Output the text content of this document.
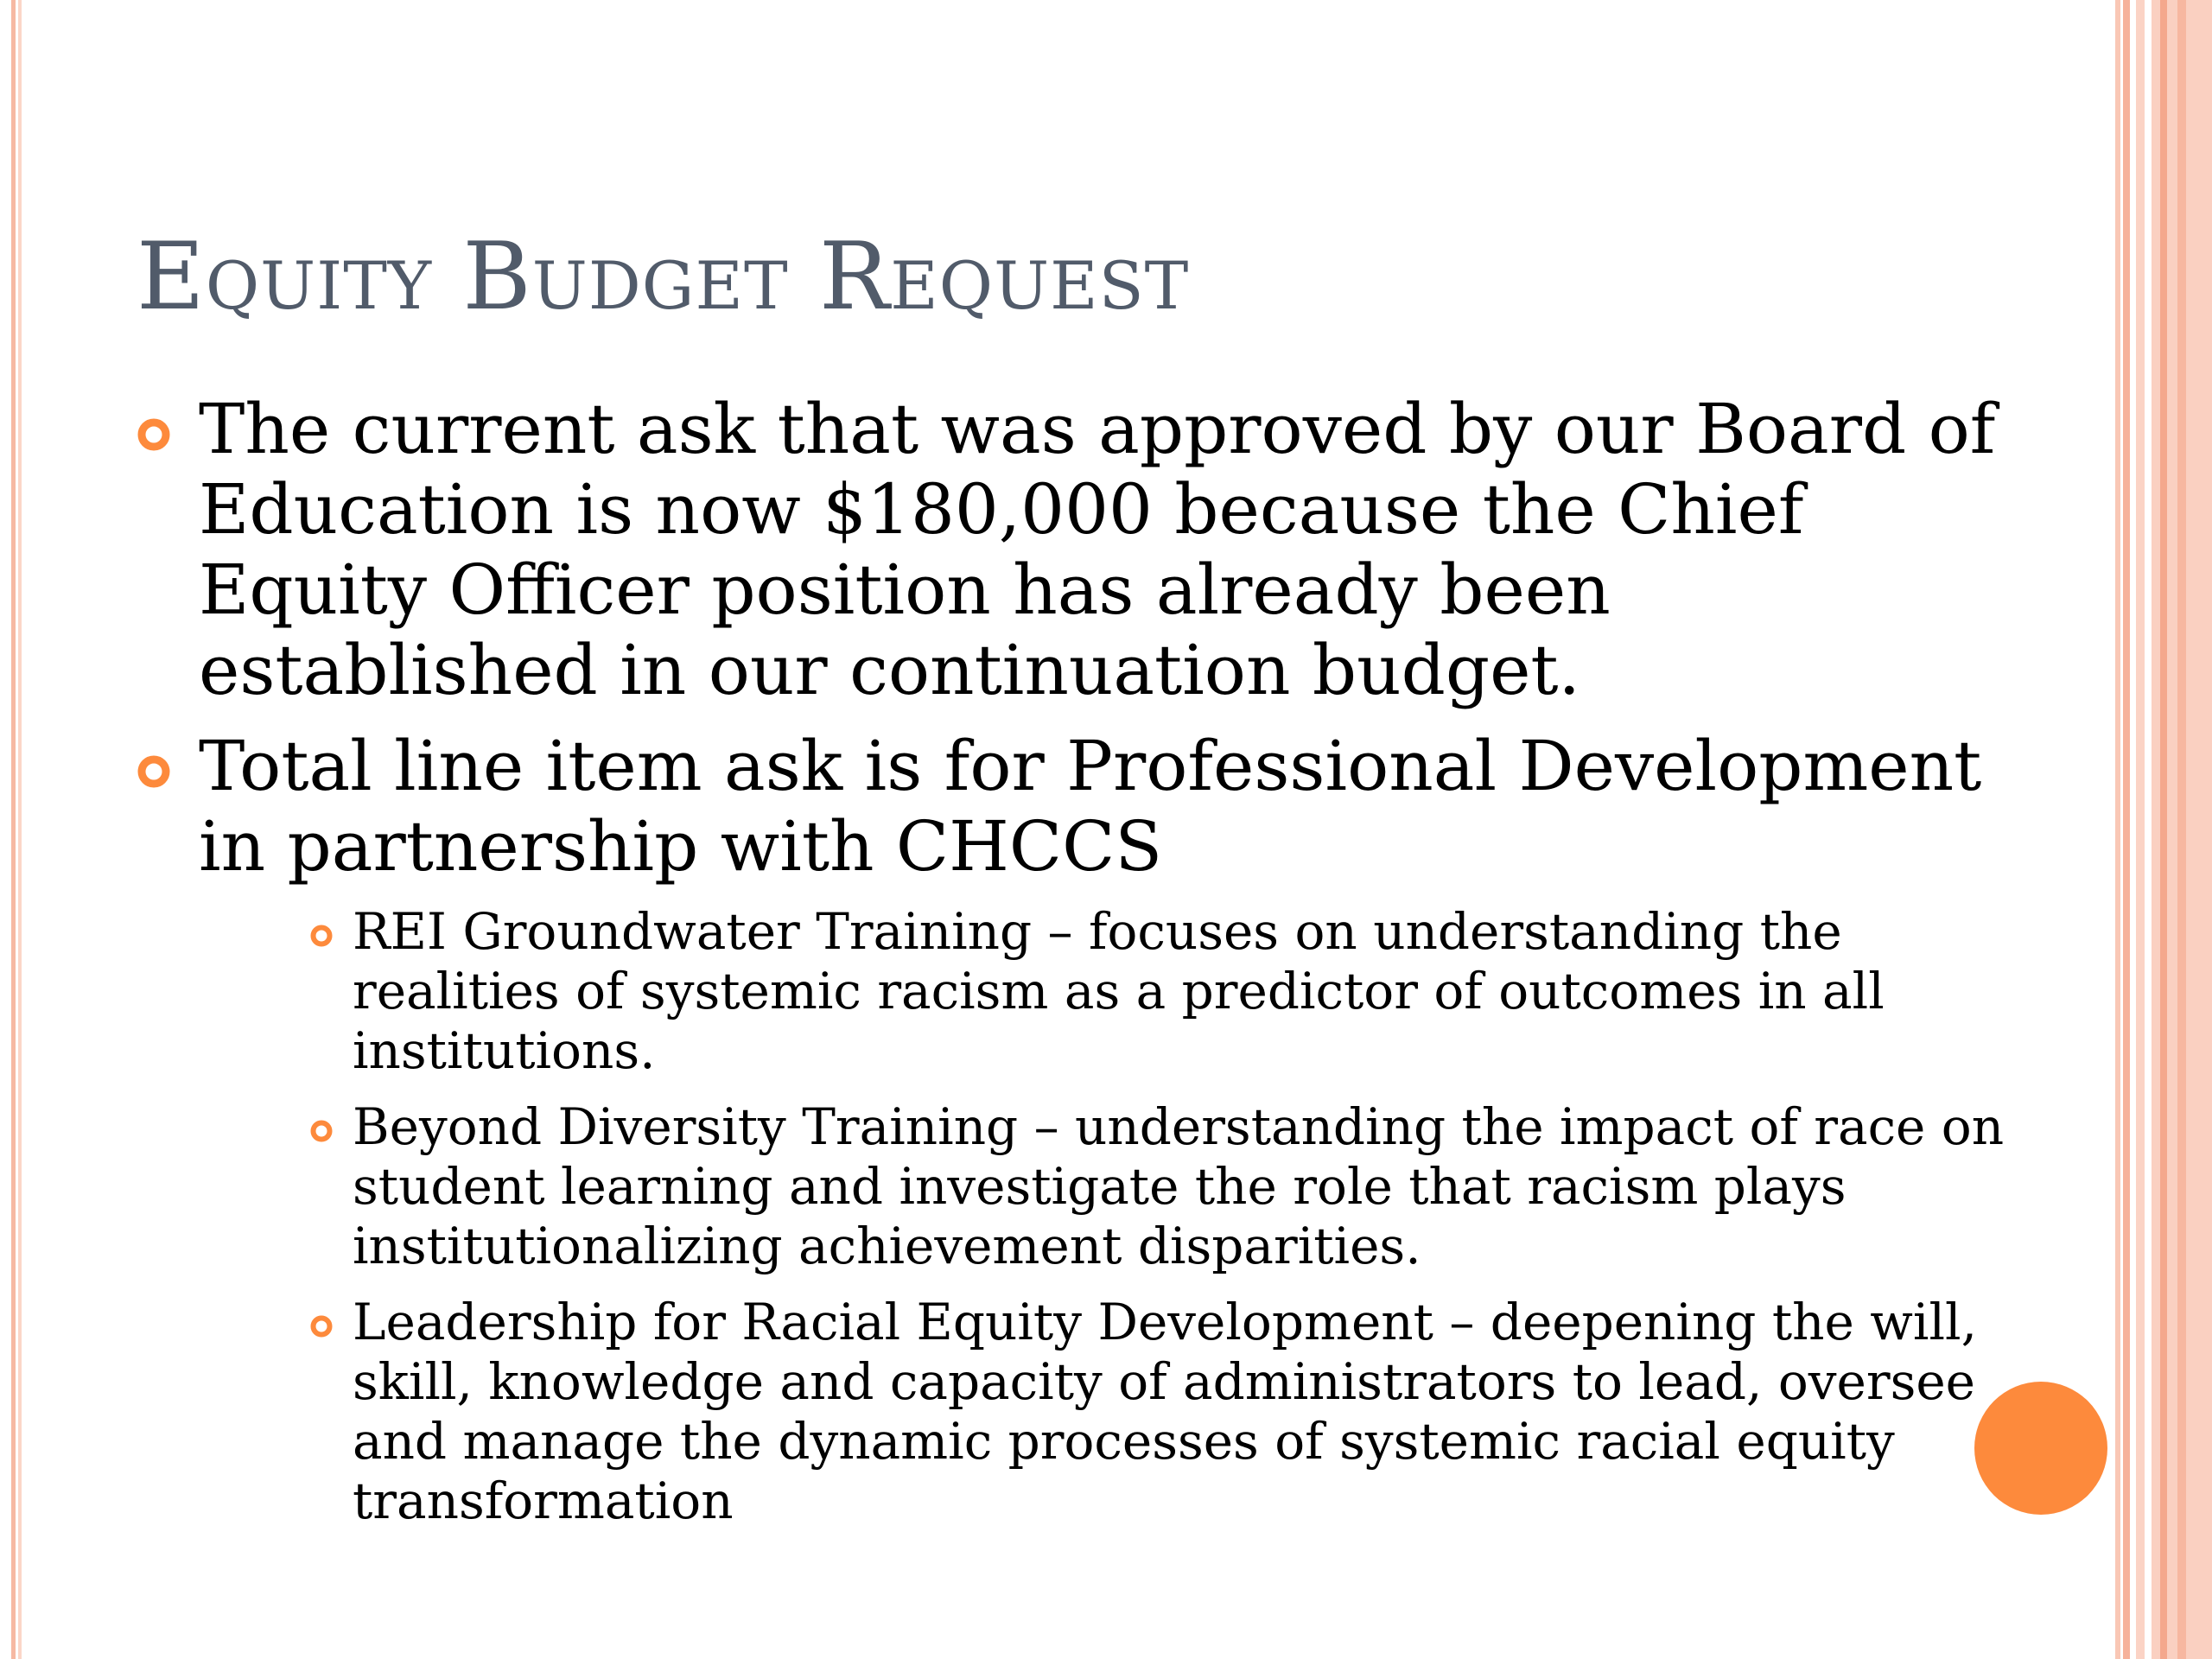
Equity Budget Request
The current ask that was approved by our Board of Education is now $180,000 because the Chief Equity Officer position has already been established in our continuation budget.
Total line item ask is for Professional Development in partnership with CHCCS
REI Groundwater Training – focuses on understanding the realities of systemic racism as a predictor of outcomes in all institutions.
Beyond Diversity Training – understanding the impact of race on student learning and investigate the role that racism plays institutionalizing achievement disparities.
Leadership for Racial Equity Development – deepening the will, skill, knowledge and capacity of administrators to lead, oversee and manage the dynamic processes of systemic racial equity transformation
